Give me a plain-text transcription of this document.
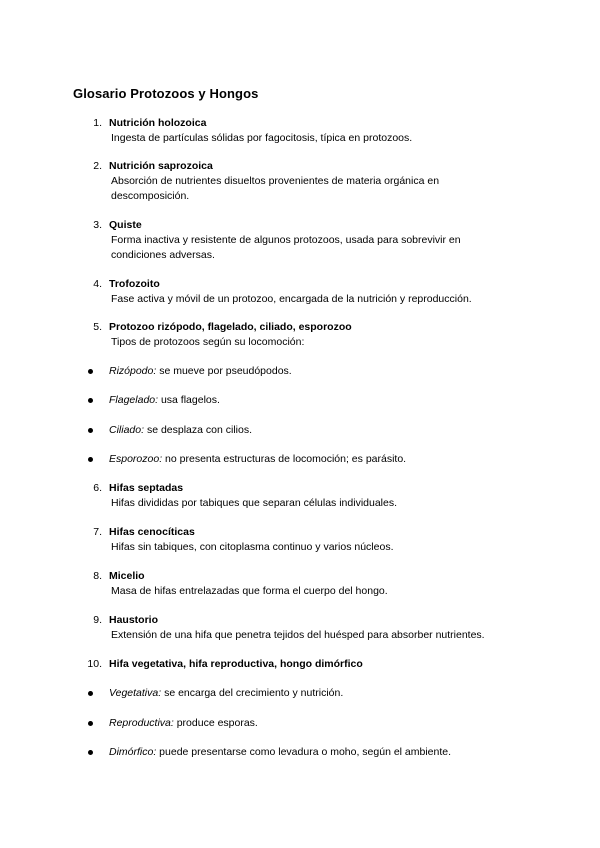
Glosario Protozoos y Hongos
1. Nutrición holozoica
Ingesta de partículas sólidas por fagocitosis, típica en protozoos.
2. Nutrición saprozoica
Absorción de nutrientes disueltos provenientes de materia orgánica en descomposición.
3. Quiste
Forma inactiva y resistente de algunos protozoos, usada para sobrevivir en condiciones adversas.
4. Trofozoito
Fase activa y móvil de un protozoo, encargada de la nutrición y reproducción.
5. Protozoo rizópodo, flagelado, ciliado, esporozoo
Tipos de protozoos según su locomoción:
Rizópodo: se mueve por pseudópodos.
Flagelado: usa flagelos.
Ciliado: se desplaza con cilios.
Esporozoo: no presenta estructuras de locomoción; es parásito.
6. Hifas septadas
Hifas divididas por tabiques que separan células individuales.
7. Hifas cenocíticas
Hifas sin tabiques, con citoplasma continuo y varios núcleos.
8. Micelio
Masa de hifas entrelazadas que forma el cuerpo del hongo.
9. Haustorio
Extensión de una hifa que penetra tejidos del huésped para absorber nutrientes.
10. Hifa vegetativa, hifa reproductiva, hongo dimórfico
Vegetativa: se encarga del crecimiento y nutrición.
Reproductiva: produce esporas.
Dimórfico: puede presentarse como levadura o moho, según el ambiente.
